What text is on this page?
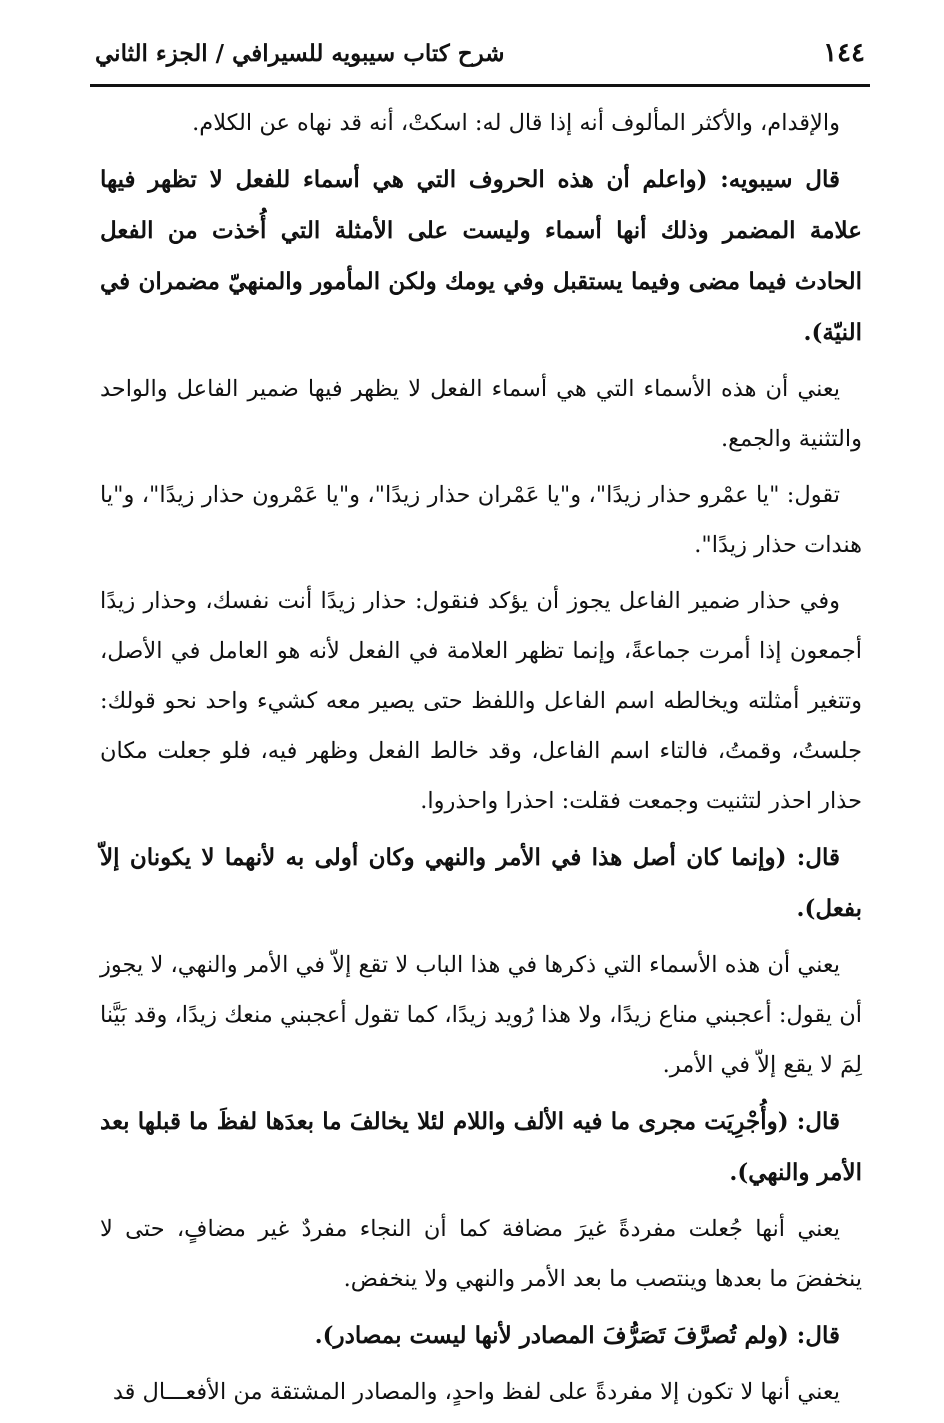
١٤٤
شرح كتاب سيبويه للسيرافي / الجزء الثاني

والإقدام، والأكثر المألوف أنه إذا قال له: اسكتْ، أنه قد نهاه عن الكلام.

قال سيبويه: (واعلم أن هذه الحروف التي هي أسماء للفعل لا تظهر فيها علامة المضمر وذلك أنها أسماء وليست على الأمثلة التي أُخذت من الفعل الحادث فيما مضى وفيما يستقبل وفي يومك ولكن المأمور والمنهيّ مضمران في النيّة).

يعني أن هذه الأسماء التي هي أسماء الفعل لا يظهر فيها ضمير الفاعل والواحد والتثنية والجمع.

تقول: "يا عمْرو حذار زيدًا"، و"يا عَمْران حذار زيدًا"، و"يا عَمْرون حذار زيدًا"، و"يا هندات حذار زيدًا".

وفي حذار ضمير الفاعل يجوز أن يؤكد فنقول: حذار زيدًا أنت نفسك، وحذار زيدًا أجمعون إذا أمرت جماعةً، وإنما تظهر العلامة في الفعل لأنه هو العامل في الأصل، وتتغير أمثلته ويخالطه اسم الفاعل واللفظ حتى يصير معه كشيء واحد نحو قولك: جلستُ، وقمتُ، فالتاء اسم الفاعل، وقد خالط الفعل وظهر فيه، فلو جعلت مكان حذار احذر لتثنيت وجمعت فقلت: احذرا واحذروا.

قال: (وإنما كان أصل هذا في الأمر والنهي وكان أولى به لأنهما لا يكونان إلاّ بفعل).

يعني أن هذه الأسماء التي ذكرها في هذا الباب لا تقع إلاّ في الأمر والنهي، لا يجوز أن يقول: أعجبني مناع زيدًا، ولا هذا رُويد زيدًا، كما تقول أعجبني منعك زيدًا، وقد بَيَّنا لِمَ لا يقع إلاّ في الأمر.

قال: (وأُجْرِيَت مجرى ما فيه الألف واللام لئلا يخالفَ ما بعدَها لفظَ ما قبلها بعد الأمر والنهي).

يعني أنها جُعلت مفردةً غيرَ مضافة كما أن النجاء مفردٌ غير مضافٍ، حتى لا ينخفضَ ما بعدها وينتصب ما بعد الأمر والنهي ولا ينخفض.

قال: (ولم تُصرَّفَ تَصَرُّفَ المصادر لأنها ليست بمصادر).

يعني أنها لا تكون إلا مفردةً على لفظ واحدٍ، والمصادر المشتقة من الأفعـــال قد
